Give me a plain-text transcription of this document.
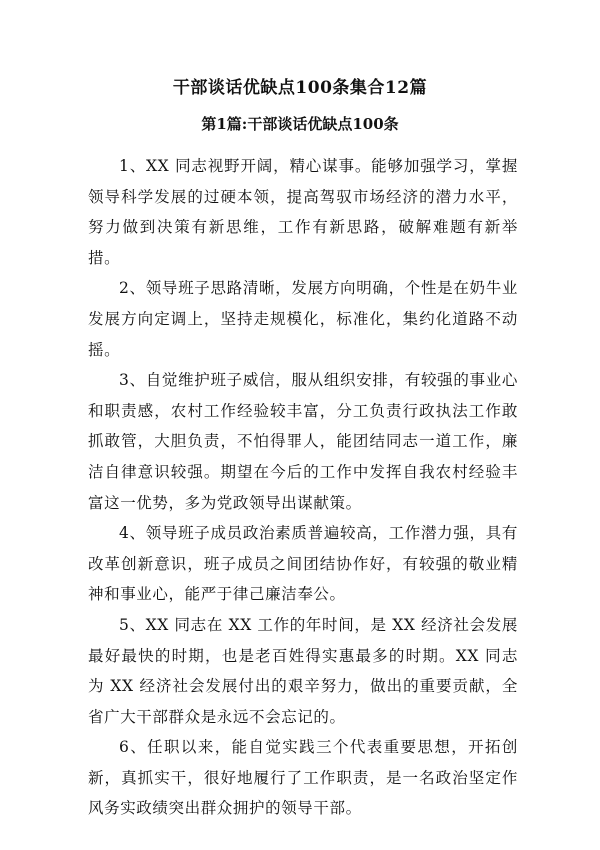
干部谈话优缺点100条集合12篇
第1篇:干部谈话优缺点100条

1、XX 同志视野开阔，精心谋事。能够加强学习，掌握领导科学发展的过硬本领，提高驾驭市场经济的潜力水平，努力做到决策有新思维，工作有新思路，破解难题有新举措。

2、领导班子思路清晰，发展方向明确，个性是在奶牛业发展方向定调上，坚持走规模化，标准化，集约化道路不动摇。

3、自觉维护班子威信，服从组织安排，有较强的事业心和职责感，农村工作经验较丰富，分工负责行政执法工作敢抓敢管，大胆负责，不怕得罪人，能团结同志一道工作，廉洁自律意识较强。期望在今后的工作中发挥自我农村经验丰富这一优势，多为党政领导出谋献策。

4、领导班子成员政治素质普遍较高，工作潜力强，具有改革创新意识，班子成员之间团结协作好，有较强的敬业精神和事业心，能严于律己廉洁奉公。

5、XX 同志在 XX 工作的年时间，是 XX 经济社会发展最好最快的时期，也是老百姓得实惠最多的时期。XX 同志为 XX 经济社会发展付出的艰辛努力，做出的重要贡献，全省广大干部群众是永远不会忘记的。

6、任职以来，能自觉实践三个代表重要思想，开拓创新，真抓实干，很好地履行了工作职责，是一名政治坚定作风务实政绩突出群众拥护的领导干部。
